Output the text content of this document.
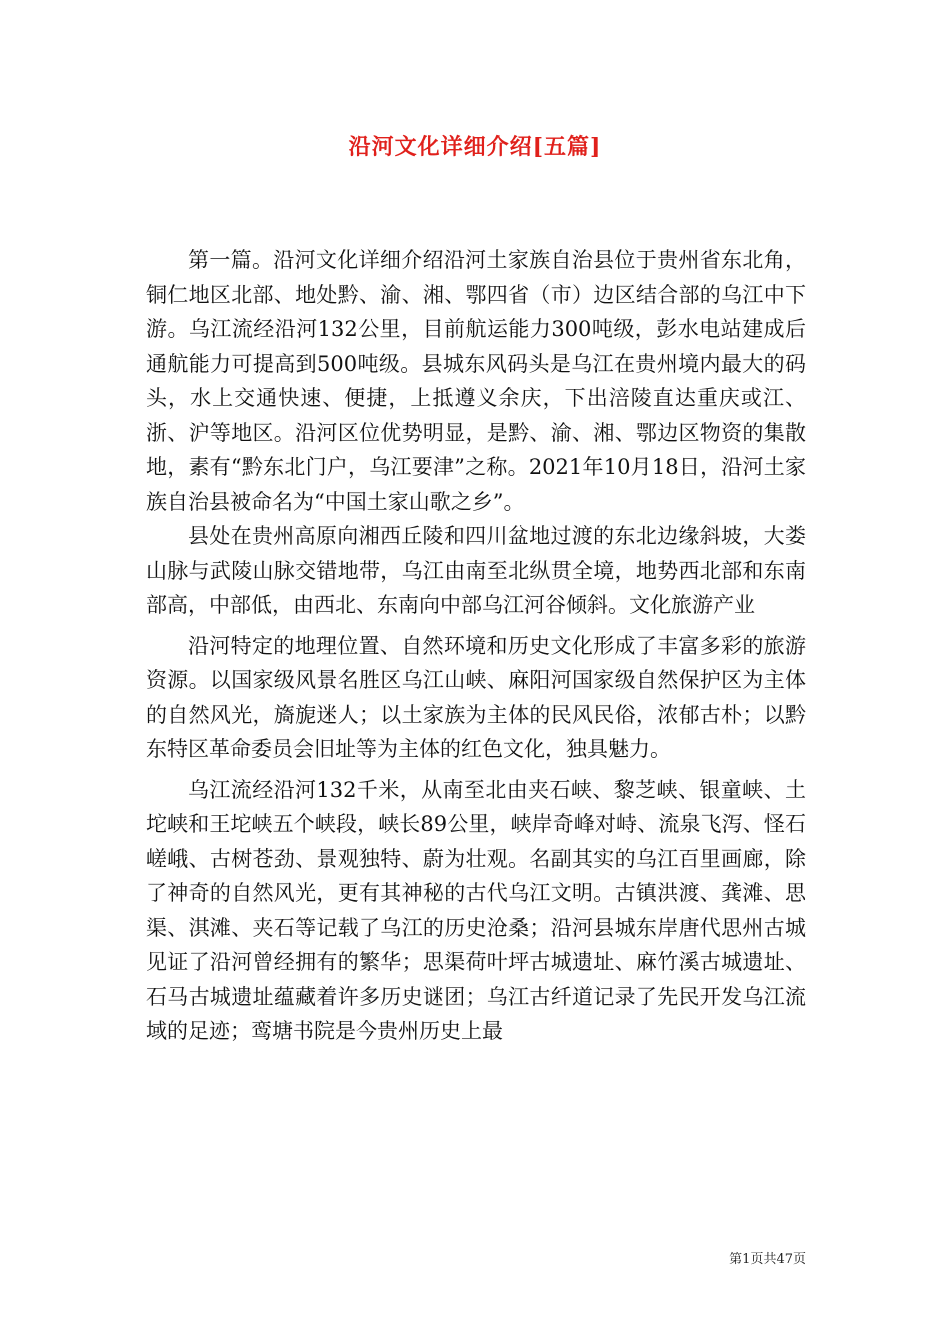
沿河文化详细介绍[五篇]

第一篇。沿河文化详细介绍沿河土家族自治县位于贵州省东北角，铜仁地区北部、地处黔、渝、湘、鄂四省（市）边区结合部的乌江中下游。乌江流经沿河132公里，目前航运能力300吨级，彭水电站建成后通航能力可提高到500吨级。县城东风码头是乌江在贵州境内最大的码头，水上交通快速、便捷，上抵遵义余庆，下出涪陵直达重庆或江、浙、沪等地区。沿河区位优势明显，是黔、渝、湘、鄂边区物资的集散地，素有“黔东北门户，乌江要津”之称。2021年10月18日，沿河土家族自治县被命名为“中国土家山歌之乡”。

县处在贵州高原向湘西丘陵和四川盆地过渡的东北边缘斜坡，大娄山脉与武陵山脉交错地带，乌江由南至北纵贯全境，地势西北部和东南部高，中部低，由西北、东南向中部乌江河谷倾斜。文化旅游产业

沿河特定的地理位置、自然环境和历史文化形成了丰富多彩的旅游资源。以国家级风景名胜区乌江山峡、麻阳河国家级自然保护区为主体的自然风光，旖旎迷人；以土家族为主体的民风民俗，浓郁古朴；以黔东特区革命委员会旧址等为主体的红色文化，独具魅力。

乌江流经沿河132千米，从南至北由夹石峡、黎芝峡、银童峡、土坨峡和王坨峡五个峡段，峡长89公里，峡岸奇峰对峙、流泉飞泻、怪石嵯峨、古树苍劲、景观独特、蔚为壮观。名副其实的乌江百里画廊，除了神奇的自然风光，更有其神秘的古代乌江文明。古镇洪渡、龚滩、思渠、淇滩、夹石等记载了乌江的历史沧桑；沿河县城东岸唐代思州古城见证了沿河曾经拥有的繁华；思渠荷叶坪古城遗址、麻竹溪古城遗址、石马古城遗址蕴藏着许多历史谜团；乌江古纤道记录了先民开发乌江流域的足迹；鸾塘书院是今贵州历史上最

第1页共47页
